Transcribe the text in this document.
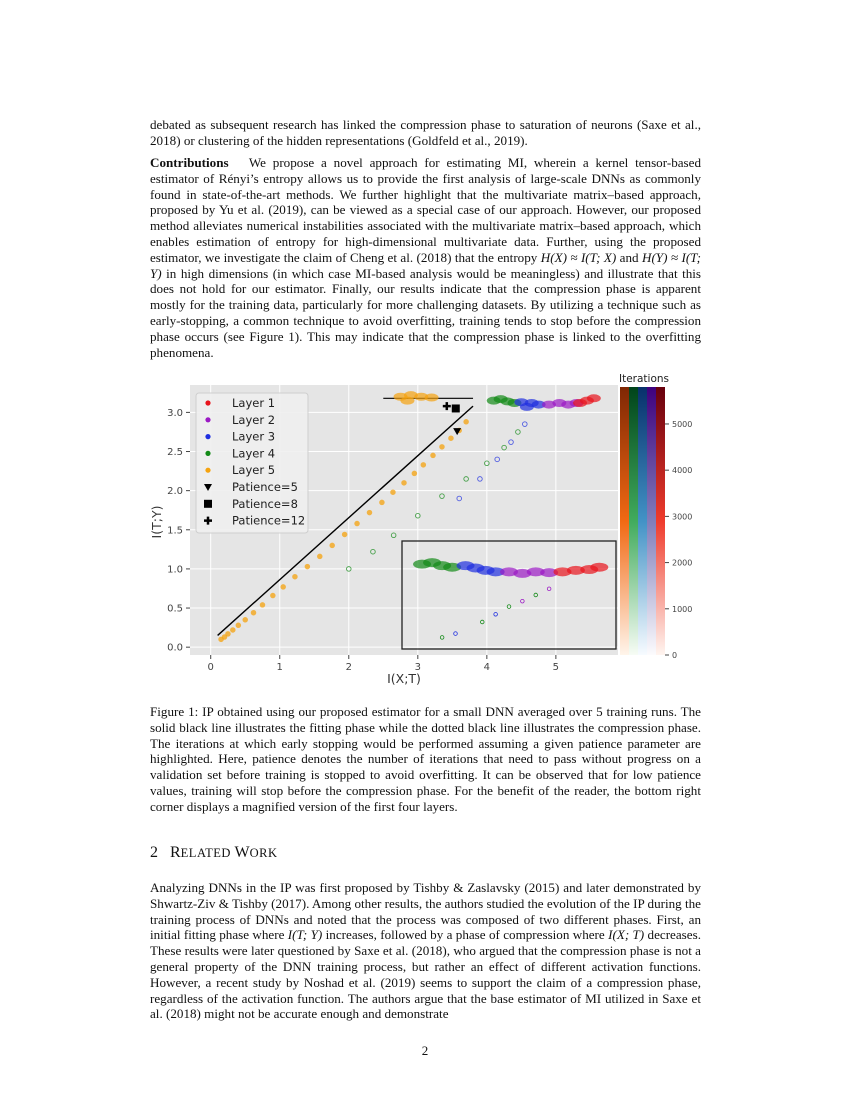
debated as subsequent research has linked the compression phase to saturation of neurons (Saxe et al., 2018) or clustering of the hidden representations (Goldfeld et al., 2019).

Contributions We propose a novel approach for estimating MI, wherein a kernel tensor-based estimator of Rényi’s entropy allows us to provide the first analysis of large-scale DNNs as commonly found in state-of-the-art methods. We further highlight that the multivariate matrix–based approach, proposed by Yu et al. (2019), can be viewed as a special case of our approach. However, our proposed method alleviates numerical instabilities associated with the multivariate matrix–based approach, which enables estimation of entropy for high-dimensional multivariate data. Further, using the proposed estimator, we investigate the claim of Cheng et al. (2018) that the entropy H(X) ≈ I(T; X) and H(Y) ≈ I(T; Y) in high dimensions (in which case MI-based analysis would be meaningless) and illustrate that this does not hold for our estimator. Finally, our results indicate that the compression phase is apparent mostly for the training data, particularly for more challenging datasets. By utilizing a technique such as early-stopping, a common technique to avoid overfitting, training tends to stop before the compression phase occurs (see Figure 1). This may indicate that the compression phase is linked to the overfitting phenomena.

0	1	2	3	4	5
0.0
0.5
1.0
1.5
2.0
2.5
3.0
I(X;T)
I(T;Y)
Layer 1
Layer 2
Layer 3
Layer 4
Layer 5
Patience=5
Patience=8
Patience=12
Iterations
0
1000
2000
3000
4000
5000

Figure 1: IP obtained using our proposed estimator for a small DNN averaged over 5 training runs. The solid black line illustrates the fitting phase while the dotted black line illustrates the compression phase. The iterations at which early stopping would be performed assuming a given patience parameter are highlighted. Here, patience denotes the number of iterations that need to pass without progress on a validation set before training is stopped to avoid overfitting. It can be observed that for low patience values, training will stop before the compression phase. For the benefit of the reader, the bottom right corner displays a magnified version of the first four layers.

2 RELATED WORK

Analyzing DNNs in the IP was first proposed by Tishby & Zaslavsky (2015) and later demonstrated by Shwartz-Ziv & Tishby (2017). Among other results, the authors studied the evolution of the IP during the training process of DNNs and noted that the process was composed of two different phases. First, an initial fitting phase where I(T; Y) increases, followed by a phase of compression where I(X; T) decreases. These results were later questioned by Saxe et al. (2018), who argued that the compression phase is not a general property of the DNN training process, but rather an effect of different activation functions. However, a recent study by Noshad et al. (2019) seems to support the claim of a compression phase, regardless of the activation function. The authors argue that the base estimator of MI utilized in Saxe et al. (2018) might not be accurate enough and demonstrate

2
